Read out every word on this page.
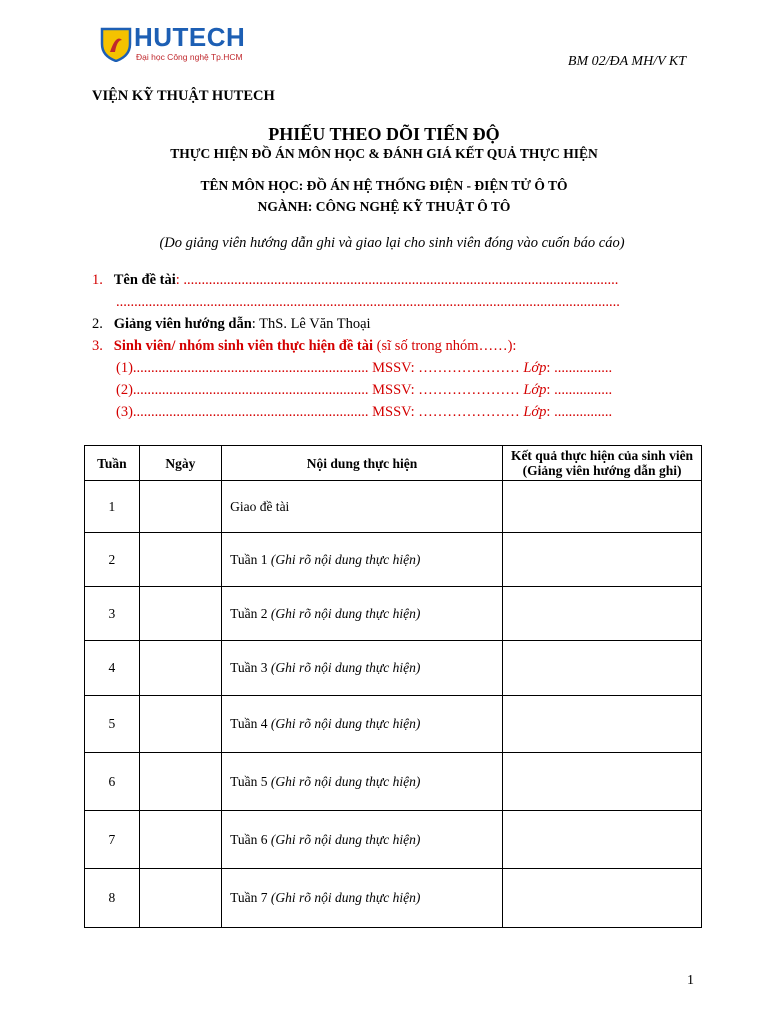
HUTECH
Đại học Công nghệ Tp.HCM	BM 02/ĐA MH/V KT
VIỆN KỸ THUẬT HUTECH
PHIẾU THEO DÕI TIẾN ĐỘ
THỰC HIỆN ĐỒ ÁN MÔN HỌC & ĐÁNH GIÁ KẾT QUẢ THỰC HIỆN
TÊN MÔN HỌC: ĐỒ ÁN HỆ THỐNG ĐIỆN - ĐIỆN TỬ Ô TÔ
NGÀNH: CÔNG NGHỆ KỸ THUẬT Ô TÔ
(Do giảng viên hướng dẫn ghi và giao lại cho sinh viên đóng vào cuốn báo cáo)
1. Tên đề tài: ........................................................................................................................
...........................................................................................................................................
2. Giảng viên hướng dẫn: ThS. Lê Văn Thoại
3. Sinh viên/ nhóm sinh viên thực hiện đề tài (sĩ số trong nhóm……):
(1)................................................................. MSSV: ………………… Lớp: ................
(2)................................................................. MSSV: ………………… Lớp: ................
(3)................................................................. MSSV: ………………… Lớp: ................
Tuần	Ngày	Nội dung thực hiện	Kết quả thực hiện của sinh viên
(Giảng viên hướng dẫn ghi)
1		Giao đề tài	
2		Tuần 1 (Ghi rõ nội dung thực hiện)	
3		Tuần 2 (Ghi rõ nội dung thực hiện)	
4		Tuần 3 (Ghi rõ nội dung thực hiện)	
5		Tuần 4 (Ghi rõ nội dung thực hiện)	
6		Tuần 5 (Ghi rõ nội dung thực hiện)	
7		Tuần 6 (Ghi rõ nội dung thực hiện)	
8		Tuần 7 (Ghi rõ nội dung thực hiện)	
1
